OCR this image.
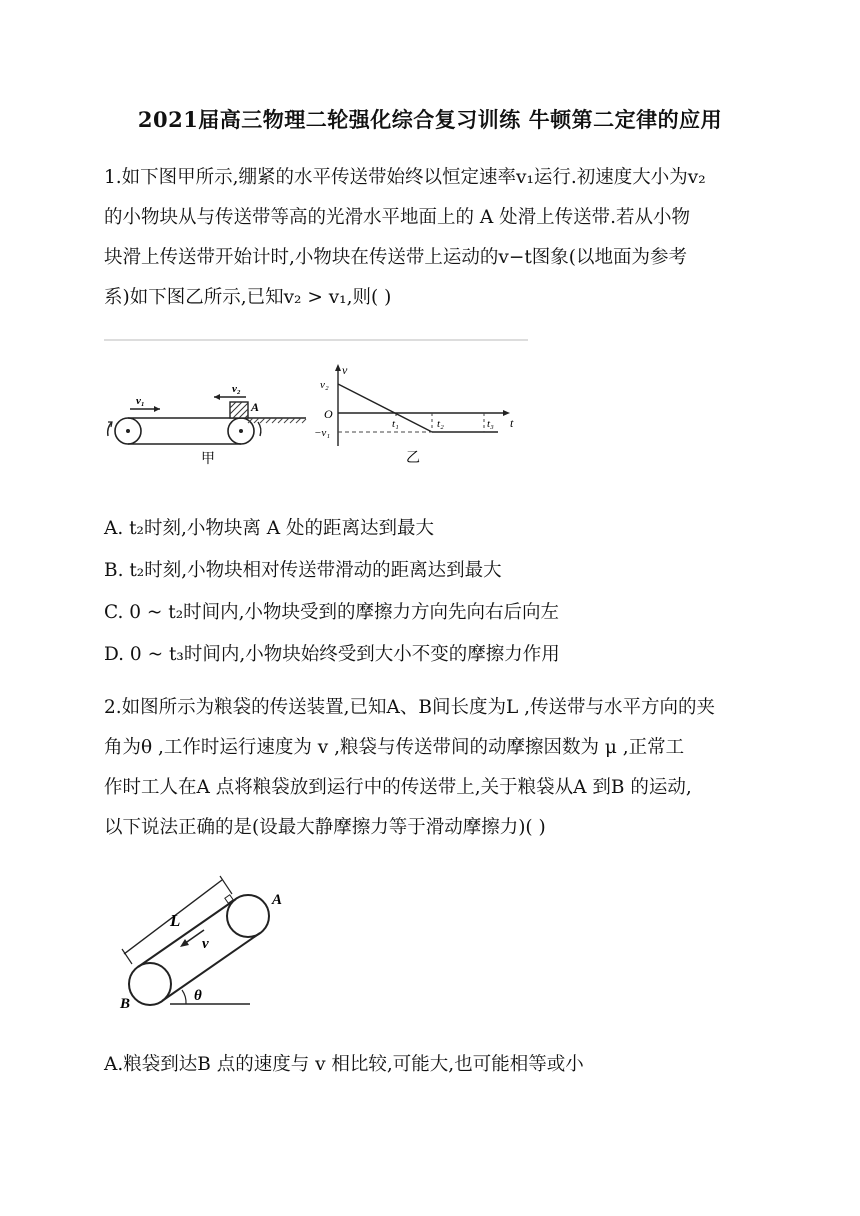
2021届高三物理二轮强化综合复习训练 牛顿第二定律的应用
1.如下图甲所示,绷紧的水平传送带始终以恒定速率v₁运行.初速度大小为v₂
的小物块从与传送带等高的光滑水平地面上的 A 处滑上传送带.若从小物
块滑上传送带开始计时,小物块在传送带上运动的v−t图象(以地面为参考
系)如下图乙所示,已知v₂ > v₁,则( )
v₁
v₂
A
甲
v
v₂
O
−v₁
t₁	t₂	t₃ t
乙
A. t₂时刻,小物块离 A 处的距离达到最大
B. t₂时刻,小物块相对传送带滑动的距离达到最大
C. 0 ~ t₂时间内,小物块受到的摩擦力方向先向右后向左
D. 0 ~ t₃时间内,小物块始终受到大小不变的摩擦力作用
2.如图所示为粮袋的传送装置,已知A、B间长度为L ,传送带与水平方向的夹
角为θ ,工作时运行速度为 v ,粮袋与传送带间的动摩擦因数为 μ ,正常工
作时工人在A 点将粮袋放到运行中的传送带上,关于粮袋从A 到B 的运动,
以下说法正确的是(设最大静摩擦力等于滑动摩擦力)( )
L
v
A
B	θ
A.粮袋到达B 点的速度与 v 相比较,可能大,也可能相等或小
